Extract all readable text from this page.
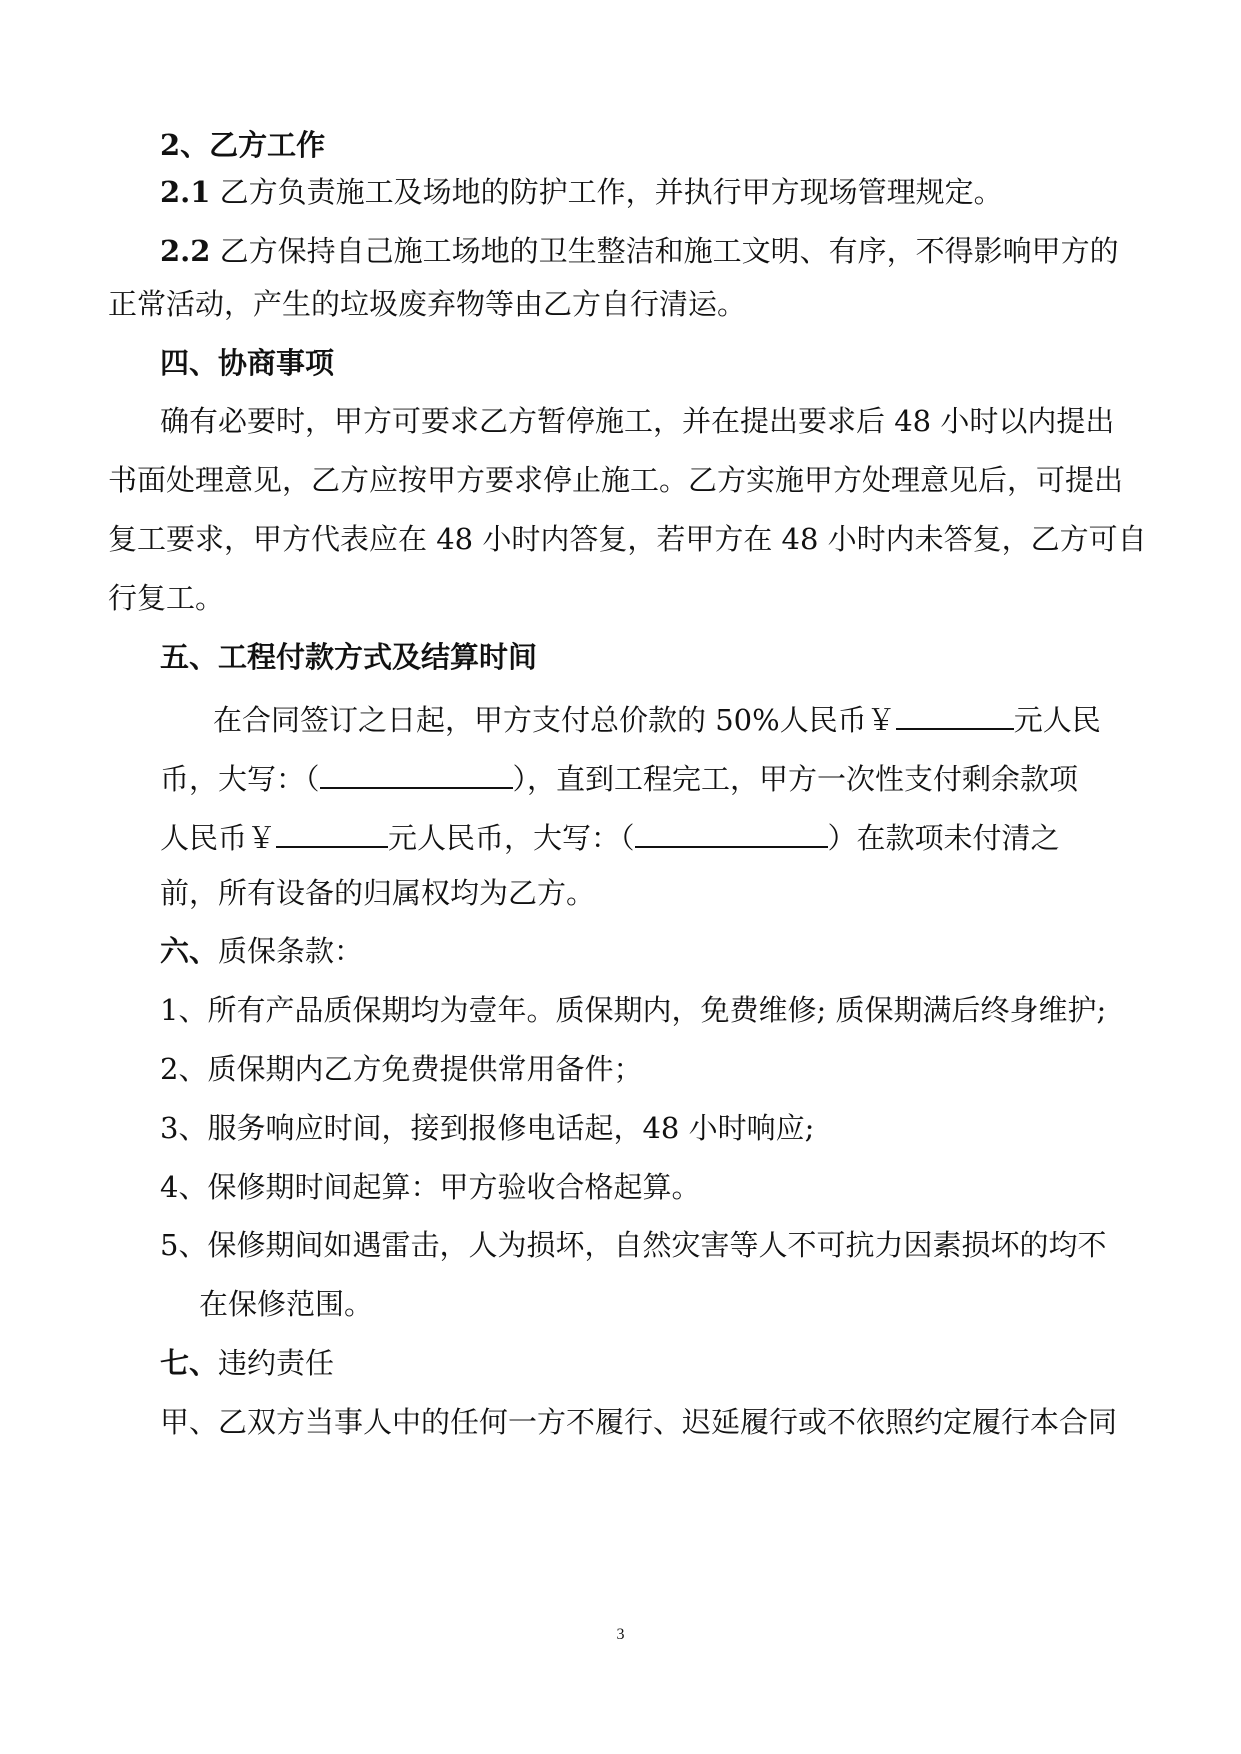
2、乙方工作
2.1 乙方负责施工及场地的防护工作，并执行甲方现场管理规定。
2.2 乙方保持自己施工场地的卫生整洁和施工文明、有序，不得影响甲方的
正常活动，产生的垃圾废弃物等由乙方自行清运。
四、协商事项
确有必要时，甲方可要求乙方暂停施工，并在提出要求后 48 小时以内提出
书面处理意见，乙方应按甲方要求停止施工。乙方实施甲方处理意见后，可提出
复工要求，甲方代表应在 48 小时内答复，若甲方在 48 小时内未答复，乙方可自
行复工。
五、工程付款方式及结算时间
在合同签订之日起，甲方支付总价款的 50%人民币￥	元人民
币，大写：（	），直到工程完工，甲方一次性支付剩余款项
人民币￥	元人民币，大写：（	）在款项未付清之
前，所有设备的归属权均为乙方。
六、质保条款：
1、所有产品质保期均为壹年。质保期内，免费维修; 质保期满后终身维护;
2、质保期内乙方免费提供常用备件；
3、服务响应时间，接到报修电话起，48 小时响应;
4、保修期时间起算：甲方验收合格起算。
5、保修期间如遇雷击，人为损坏，自然灾害等人不可抗力因素损坏的均不
在保修范围。
七、违约责任
甲、乙双方当事人中的任何一方不履行、迟延履行或不依照约定履行本合同
3
